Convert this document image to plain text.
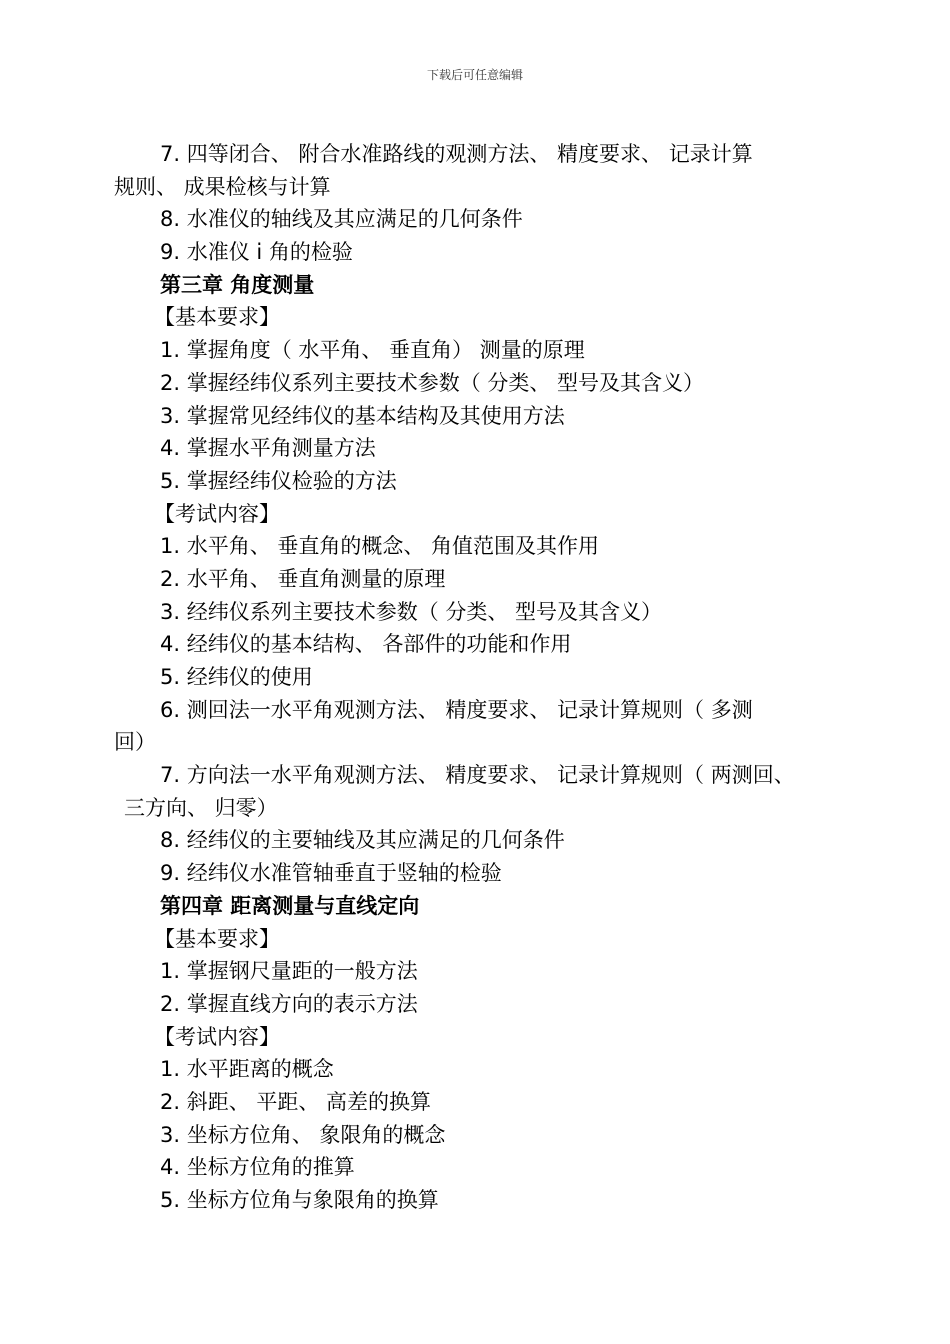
下载后可任意编辑
7. 四等闭合、 附合水准路线的观测方法、 精度要求、 记录计算
规则、 成果检核与计算
8. 水准仪的轴线及其应满足的几何条件
9. 水准仪 i 角的检验
第三章 角度测量
【基本要求】
1. 掌握角度（ 水平角、 垂直角） 测量的原理
2. 掌握经纬仪系列主要技术参数（ 分类、 型号及其含义）
3. 掌握常见经纬仪的基本结构及其使用方法
4. 掌握水平角测量方法
5. 掌握经纬仪检验的方法
【考试内容】
1. 水平角、 垂直角的概念、 角值范围及其作用
2. 水平角、 垂直角测量的原理
3. 经纬仪系列主要技术参数（ 分类、 型号及其含义）
4. 经纬仪的基本结构、 各部件的功能和作用
5. 经纬仪的使用
6. 测回法一水平角观测方法、 精度要求、 记录计算规则（ 多测
回）
7. 方向法一水平角观测方法、 精度要求、 记录计算规则（ 两测回、
三方向、 归零）
8. 经纬仪的主要轴线及其应满足的几何条件
9. 经纬仪水准管轴垂直于竖轴的检验
第四章 距离测量与直线定向
【基本要求】
1. 掌握钢尺量距的一般方法
2. 掌握直线方向的表示方法
【考试内容】
1. 水平距离的概念
2. 斜距、 平距、 高差的换算
3. 坐标方位角、 象限角的概念
4. 坐标方位角的推算
5. 坐标方位角与象限角的换算
